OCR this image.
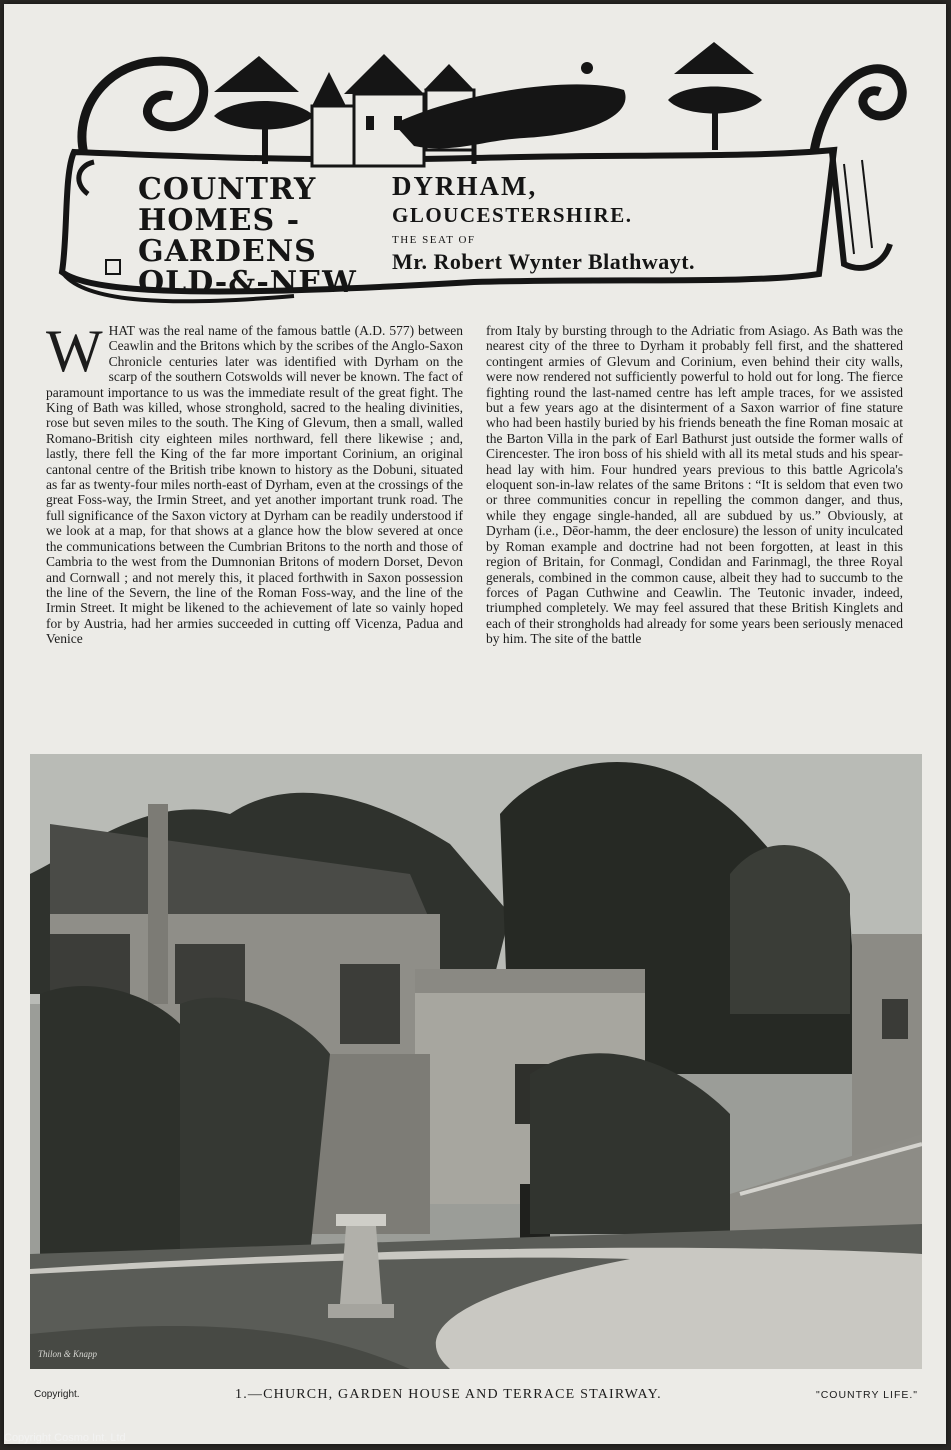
COUNTRY
HOMES -
GARDENS
OLD-&-NEW
DYRHAM,
GLOUCESTERSHIRE.
THE SEAT OF
Mr. Robert Wynter Blathwayt.
W HAT was the real name of the famous battle (A.D. 577) between Ceawlin and the Britons which by the scribes of the Anglo-Saxon Chronicle centuries later was identified with Dyrham on the scarp of the southern Cotswolds will never be known. The fact of paramount importance to us was the immediate result of the great fight. The King of Bath was killed, whose stronghold, sacred to the healing divinities, rose but seven miles to the south. The King of Glevum, then a small, walled Romano-British city eighteen miles northward, fell there likewise ; and, lastly, there fell the King of the far more important Corinium, an original cantonal centre of the British tribe known to history as the Dobuni, situated as far as twenty-four miles north-east of Dyrham, even at the crossings of the great Foss-way, the Irmin Street, and yet another important trunk road. The full significance of the Saxon victory at Dyrham can be readily understood if we look at a map, for that shows at a glance how the blow severed at once the communications between the Cumbrian Britons to the north and those of Cambria to the west from the Dumnonian Britons of modern Dorset, Devon and Cornwall ; and not merely this, it placed forthwith in Saxon possession the line of the Severn, the line of the Roman Foss-way, and the line of the Irmin Street. It might be likened to the achievement of late so vainly hoped for by Austria, had her armies succeeded in cutting off Vicenza, Padua and Venice
from Italy by bursting through to the Adriatic from Asiago. As Bath was the nearest city of the three to Dyrham it probably fell first, and the shattered contingent armies of Glevum and Corinium, even behind their city walls, were now rendered not sufficiently powerful to hold out for long. The fierce fighting round the last-named centre has left ample traces, for we assisted but a few years ago at the disinterment of a Saxon warrior of fine stature who had been hastily buried by his friends beneath the fine Roman mosaic at the Barton Villa in the park of Earl Bathurst just outside the former walls of Cirencester. The iron boss of his shield with all its metal studs and his spear-head lay with him. Four hundred years previous to this battle Agricola's eloquent son-in-law relates of the same Britons : “It is seldom that even two or three communities concur in repelling the common danger, and thus, while they engage single-handed, all are subdued by us.” Obviously, at Dyrham (i.e., Dēor-hamm, the deer enclosure) the lesson of unity inculcated by Roman example and doctrine had not been forgotten, at least in this region of Britain, for Conmagl, Condidan and Farinmagl, the three Royal generals, combined in the common cause, albeit they had to succumb to the forces of Pagan Cuthwine and Ceawlin. The Teutonic invader, indeed, triumphed completely. We may feel assured that these British Kinglets and each of their strongholds had already for some years been seriously menaced by him. The site of the battle
Thilon & Knapp
Copyright.	1.—CHURCH, GARDEN HOUSE AND TERRACE STAIRWAY.	"COUNTRY LIFE."
Copyright Cosmo Int. Ltd
